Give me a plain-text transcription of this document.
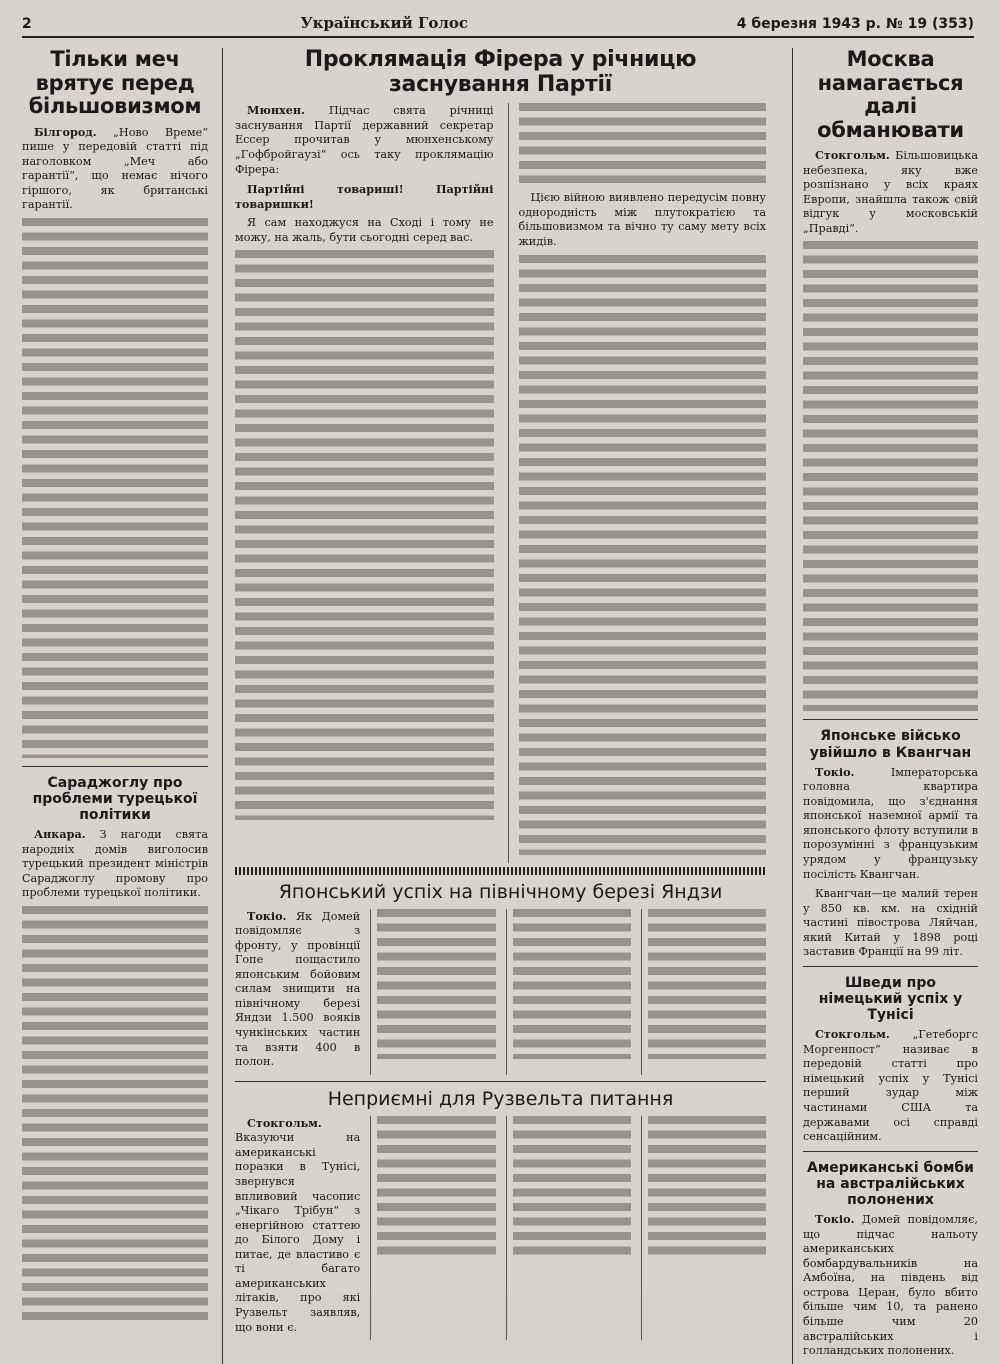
2	Український Голос	4 березня 1943 р. № 19 (353)
Тільки меч врятує перед більшовизмом

Білгород. „Ново Време“ пише у передовій статті під наголовком „Меч або гарантії“, що немає нічого гіршого, як британські гарантії.

Сараджоглу про проблеми турецької політики

Анкара. З нагоди свята народніх домів виголосив турецький президент міністрів Сараджоглу промову про проблеми турецької політики.

Проклямація Фірера у річницю заснування Партії

Мюнхен. Підчас свята річниці заснування Партії державний секретар Ессер прочитав у мюнхенському „Гофбройгаузі“ ось таку проклямацію Фірера:

Партійні товариші! Партійні товаришки!

Я сам находжуся на Сході і тому не можу, на жаль, бути сьогодні серед вас.

Цією війною виявлено передусім повну однородність між плутократією та більшовизмом та вічно ту саму мету всіх жидів.

Японський успіх на північному березі Яндзи

Токіо. Як Домей повідомляє з фронту, у провінції Гопе пощастило японським бойовим силам знищити на північному березі Яндзи 1.500 вояків чункінських частин та взяти 400 в полон.

Неприємні для Рузвельта питання

Стокгольм. Вказуючи на американські поразки в Тунісі, звернувся впливовий часопис „Чікаго Трібун“ з енергійною статтею до Білого Дому і питає, де властиво є ті багато американських літаків, про які Рузвельт заявляв, що вони є.

Москва намагається далі обманювати

Стокгольм. Більшовицька небезпека, яку вже розпізнано у всіх краях Европи, знайшла також свій відгук у московській „Правді“.

Японське військо увійшло в Квангчан

Токіо.	Імператорська головна квартира повідомила, що з'єднання японської наземної армії та японського флоту вступили в порозумінні з французьким урядом у французьку посілість Квангчан.

Квангчан—це малий терен у 850 кв. км. на східній частині півострова Ляйчан, який Китай у 1898 році заставив Франції на 99 літ.

Шведи про німецький успіх у Тунісі

Стокгольм. „Гетеборгс Моргенпост“ називає в передовій статті про німецький успіх у Тунісі перший зудар між частинами США та державами осі справді сенсаційним.

Американські бомби на австралійських полонених

Токіо. Домей повідомляє, що підчас нальоту американських бомбардувальників на Амбоїна, на південь від острова Церан, було вбито більше чим 10, та ранено більше чим 20 австралійських і голландських полонених.
